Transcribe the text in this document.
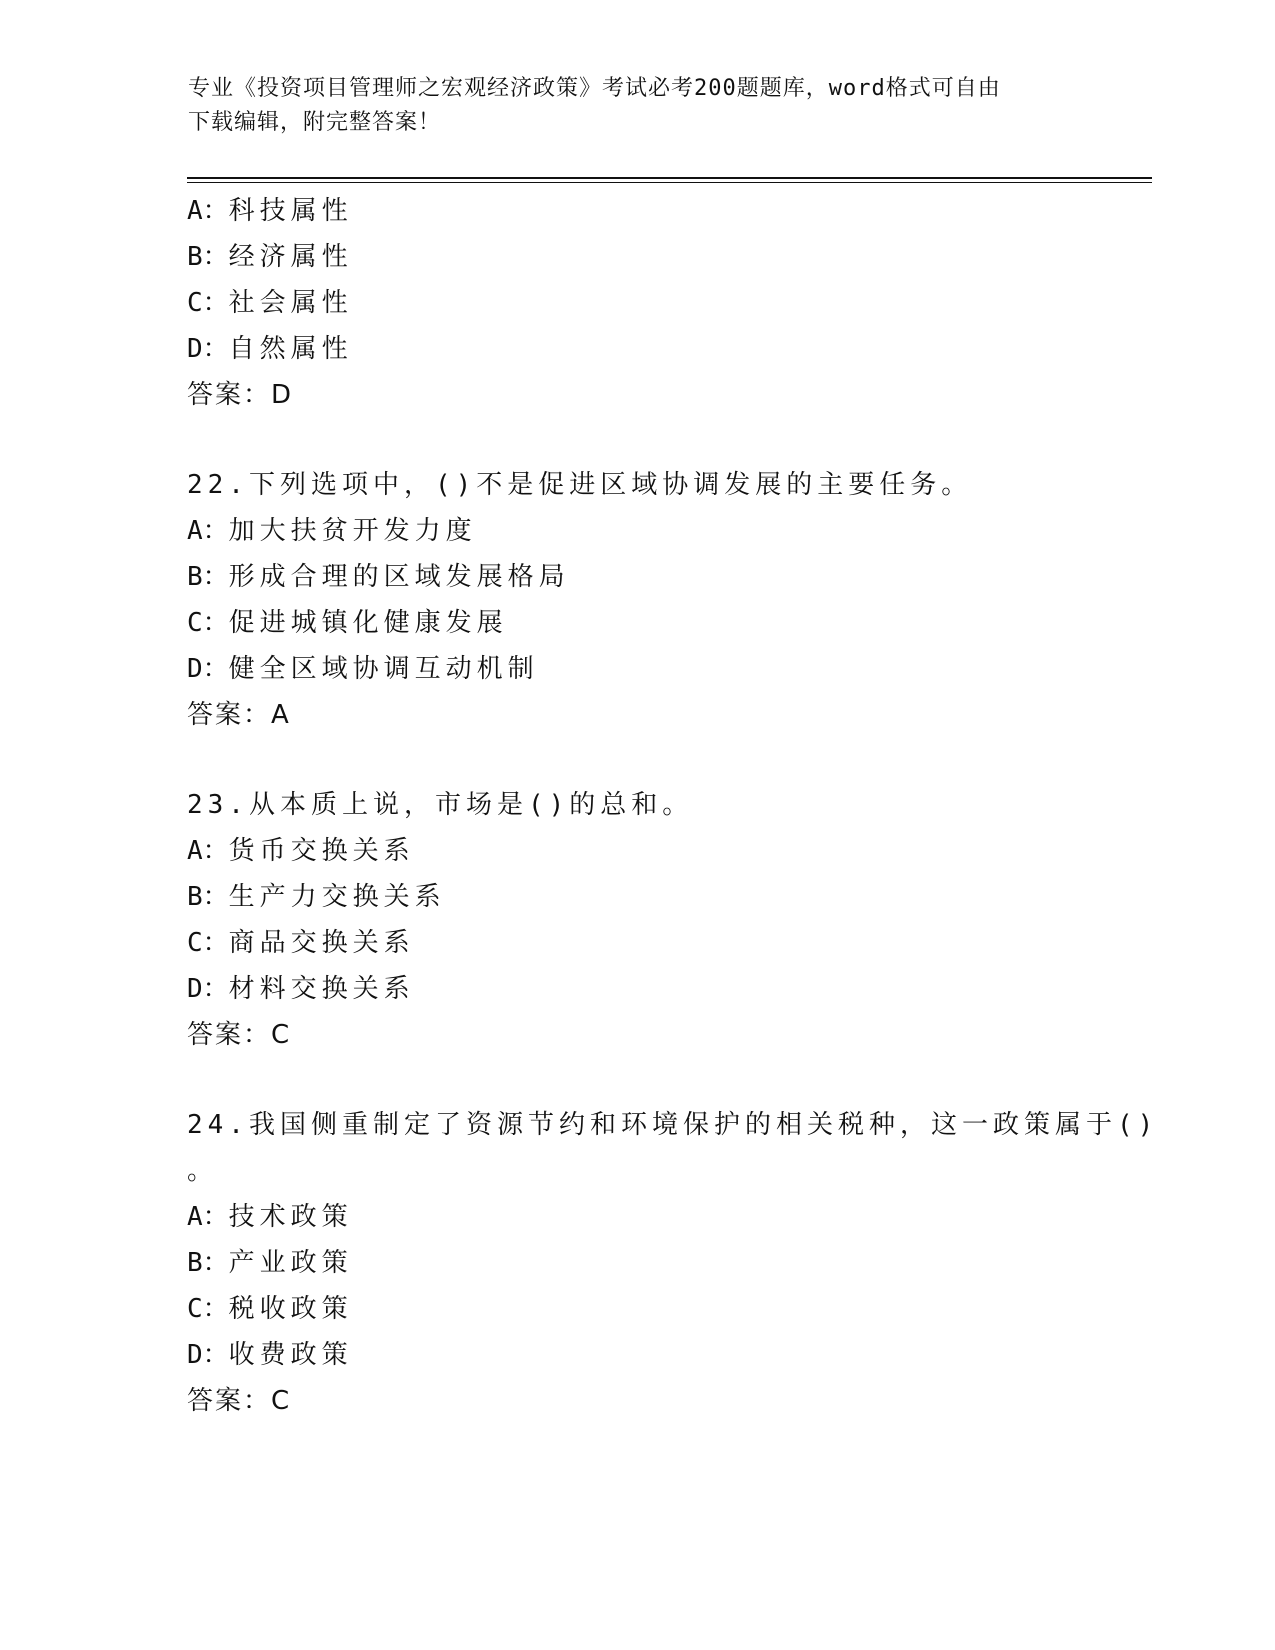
专业《投资项目管理师之宏观经济政策》考试必考200题题库，word格式可自由
下载编辑，附完整答案！
A：科技属性
B：经济属性
C：社会属性
D：自然属性
答案：D
22.下列选项中，()不是促进区域协调发展的主要任务。
A：加大扶贫开发力度
B：形成合理的区域发展格局
C：促进城镇化健康发展
D：健全区域协调互动机制
答案：A
23.从本质上说，市场是()的总和。
A：货币交换关系
B：生产力交换关系
C：商品交换关系
D：材料交换关系
答案：C
24.我国侧重制定了资源节约和环境保护的相关税种，这一政策属于()
。
A：技术政策
B：产业政策
C：税收政策
D：收费政策
答案：C
